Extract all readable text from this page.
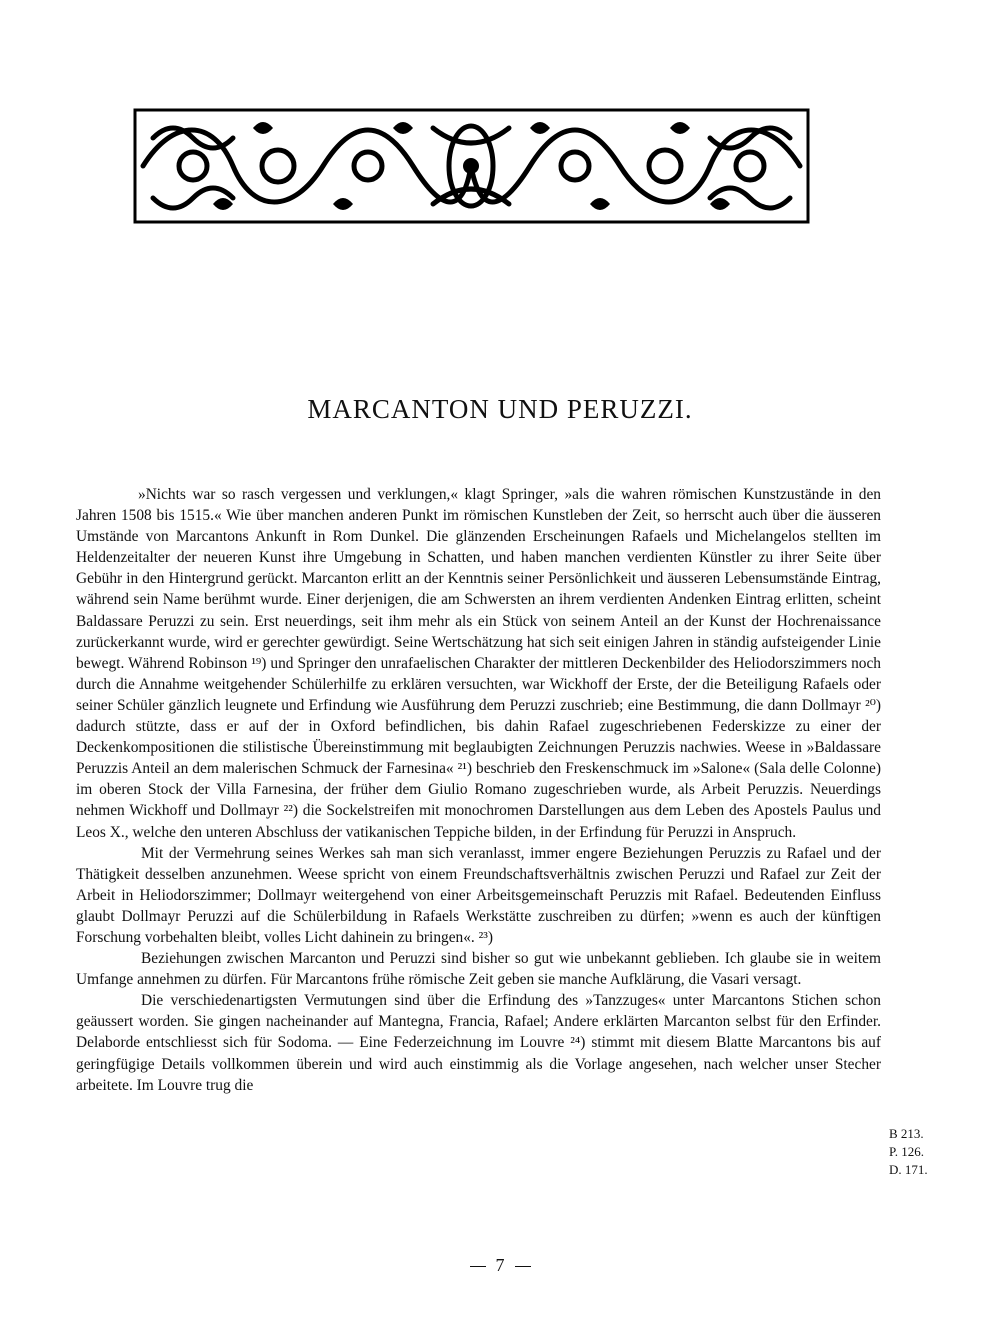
MARCANTON UND PERUZZI.

»Nichts war so rasch vergessen und verklungen,« klagt Springer, »als die wahren römischen Kunstzustände in den Jahren 1508 bis 1515.« Wie über manchen anderen Punkt im römischen Kunstleben der Zeit, so herrscht auch über die äusseren Umstände von Marcantons Ankunft in Rom Dunkel. Die glänzenden Erscheinungen Rafaels und Michelangelos stellten im Heldenzeitalter der neueren Kunst ihre Umgebung in Schatten, und haben manchen verdienten Künstler zu ihrer Seite über Gebühr in den Hintergrund gerückt. Marcanton erlitt an der Kenntnis seiner Persönlichkeit und äusseren Lebensumstände Eintrag, während sein Name berühmt wurde. Einer derjenigen, die am Schwersten an ihrem verdienten Andenken Eintrag erlitten, scheint Baldassare Peruzzi zu sein. Erst neuerdings, seit ihm mehr als ein Stück von seinem Anteil an der Kunst der Hochrenaissance zurückerkannt wurde, wird er gerechter gewürdigt. Seine Wertschätzung hat sich seit einigen Jahren in ständig aufsteigender Linie bewegt. Während Robinson ¹⁹) und Springer den unrafaelischen Charakter der mittleren Deckenbilder des Heliodorszimmers noch durch die Annahme weitgehender Schülerhilfe zu erklären versuchten, war Wickhoff der Erste, der die Beteiligung Rafaels oder seiner Schüler gänzlich leugnete und Erfindung wie Ausführung dem Peruzzi zuschrieb; eine Bestimmung, die dann Dollmayr ²⁰) dadurch stützte, dass er auf der in Oxford befindlichen, bis dahin Rafael zugeschriebenen Federskizze zu einer der Deckenkompositionen die stilistische Übereinstimmung mit beglaubigten Zeichnungen Peruzzis nachwies. Weese in »Baldassare Peruzzis Anteil an dem malerischen Schmuck der Farnesina« ²¹) beschrieb den Freskenschmuck im »Salone« (Sala delle Colonne) im oberen Stock der Villa Farnesina, der früher dem Giulio Romano zugeschrieben wurde, als Arbeit Peruzzis. Neuerdings nehmen Wickhoff und Dollmayr ²²) die Sockelstreifen mit monochromen Darstellungen aus dem Leben des Apostels Paulus und Leos X., welche den unteren Abschluss der vatikanischen Teppiche bilden, in der Erfindung für Peruzzi in Anspruch.

Mit der Vermehrung seines Werkes sah man sich veranlasst, immer engere Beziehungen Peruzzis zu Rafael und der Thätigkeit desselben anzunehmen. Weese spricht von einem Freundschaftsverhältnis zwischen Peruzzi und Rafael zur Zeit der Arbeit in Heliodorszimmer; Dollmayr weitergehend von einer Arbeitsgemeinschaft Peruzzis mit Rafael. Bedeutenden Einfluss glaubt Dollmayr Peruzzi auf die Schülerbildung in Rafaels Werkstätte zuschreiben zu dürfen; »wenn es auch der künftigen Forschung vorbehalten bleibt, volles Licht dahinein zu bringen«. ²³)

Beziehungen zwischen Marcanton und Peruzzi sind bisher so gut wie unbekannt geblieben. Ich glaube sie in weitem Umfange annehmen zu dürfen. Für Marcantons frühe römische Zeit geben sie manche Aufklärung, die Vasari versagt.

Die verschiedenartigsten Vermutungen sind über die Erfindung des »Tanzzuges« unter Marcantons Stichen schon geäussert worden. Sie gingen nacheinander auf Mantegna, Francia, Rafael; Andere erklärten Marcanton selbst für den Erfinder. Delaborde entschliesst sich für Sodoma. — Eine Federzeichnung im Louvre ²⁴) stimmt mit diesem Blatte Marcantons bis auf geringfügige Details vollkommen überein und wird auch einstimmig als die Vorlage angesehen, nach welcher unser Stecher arbeitete. Im Louvre trug die

B 213.
P. 126.
D. 171.
7
